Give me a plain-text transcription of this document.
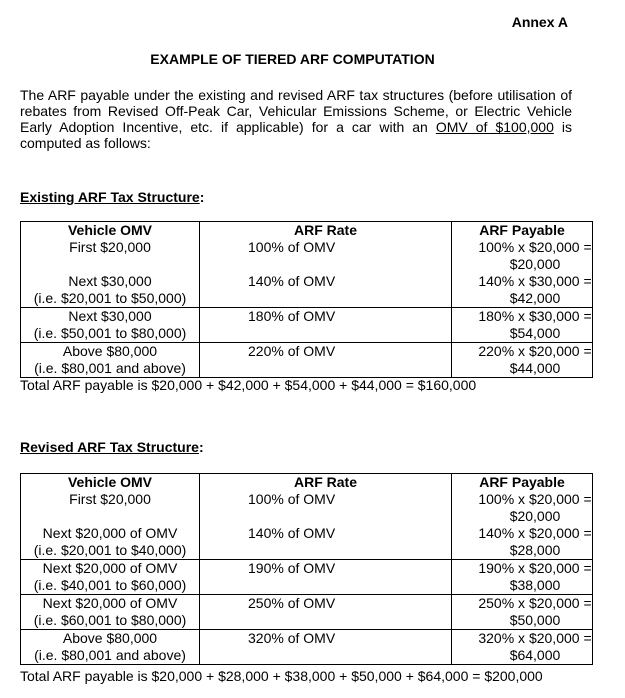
Annex A
EXAMPLE OF TIERED ARF COMPUTATION
The ARF payable under the existing and revised ARF tax structures (before utilisation of rebates from Revised Off-Peak Car, Vehicular Emissions Scheme, or Electric Vehicle Early Adoption Incentive, etc. if applicable) for a car with an OMV of $100,000 is computed as follows:
Existing ARF Tax Structure:
Vehicle OMV	ARF Rate	ARF Payable
First $20,000	100% of OMV	100% x $20,000 = $20,000

Next $30,000
(i.e. $20,001 to $50,000)	140% of OMV	140% x $30,000 = $42,000

Next $30,000
(i.e. $50,001 to $80,000)	180% of OMV	180% x $30,000 = $54,000

Above $80,000
(i.e. $80,001 and above)	220% of OMV	220% x $20,000 = $44,000
Total ARF payable is $20,000 + $42,000 + $54,000 + $44,000 = $160,000
Revised ARF Tax Structure:
Vehicle OMV	ARF Rate	ARF Payable
First $20,000	100% of OMV	100% x $20,000 = $20,000

Next $20,000 of OMV
(i.e. $20,001 to $40,000)	140% of OMV	140% x $20,000 = $28,000

Next $20,000 of OMV
(i.e. $40,001 to $60,000)	190% of OMV	190% x $20,000 = $38,000

Next $20,000 of OMV
(i.e. $60,001 to $80,000)	250% of OMV	250% x $20,000 = $50,000

Above $80,000
(i.e. $80,001 and above)	320% of OMV	320% x $20,000 = $64,000
Total ARF payable is $20,000 + $28,000 + $38,000 + $50,000 + $64,000 = $200,000
